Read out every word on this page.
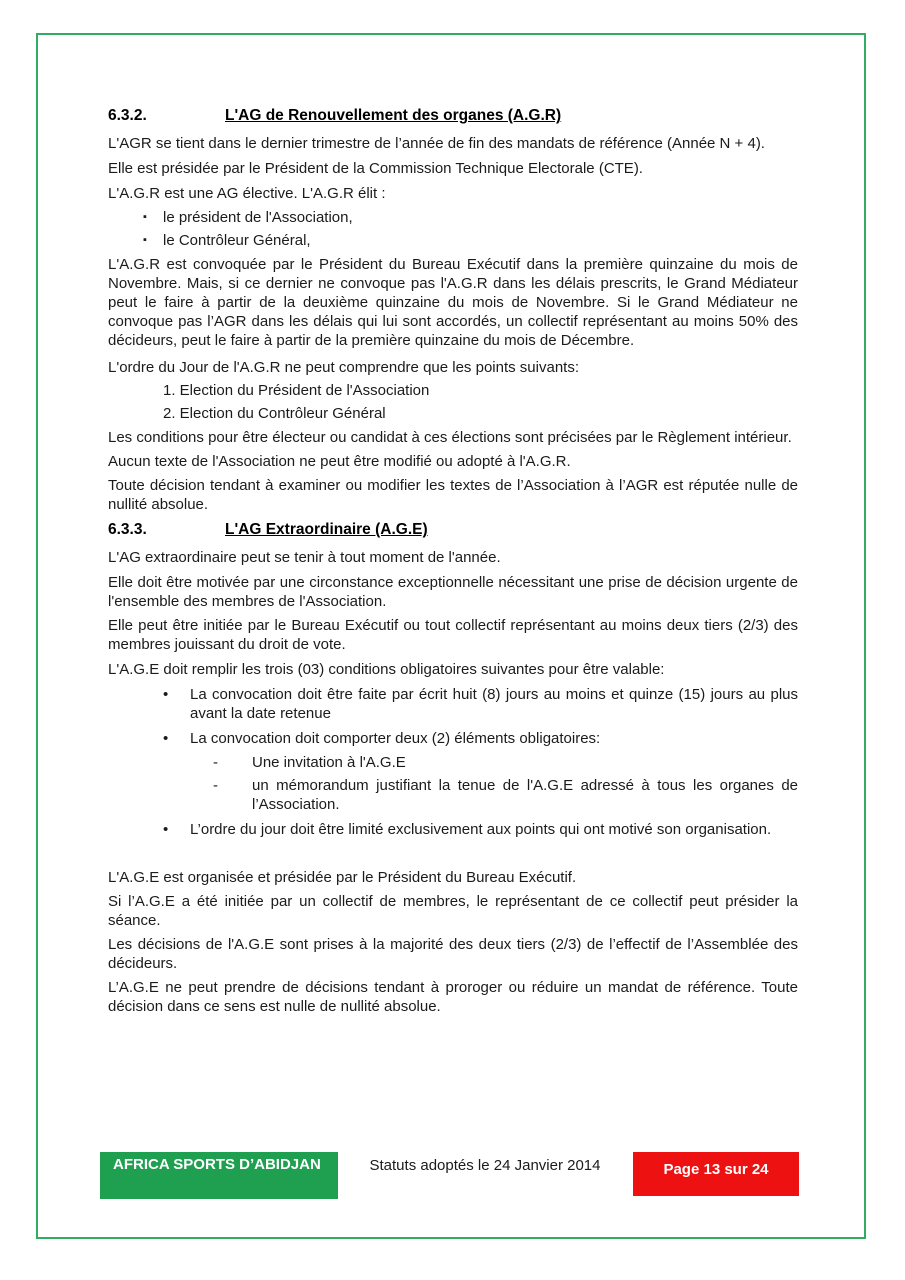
6.3.2.	L'AG de Renouvellement des organes (A.G.R)

L'AGR se tient dans le dernier trimestre de l’année de fin des mandats de référence (Année N + 4).

Elle est présidée par le Président de la Commission Technique Electorale (CTE).

L'A.G.R est une AG élective. L'A.G.R élit :

▪	le président de l'Association,
▪	le Contrôleur Général,

L'A.G.R est convoquée par le Président du Bureau Exécutif dans la première quinzaine du mois de Novembre. Mais, si ce dernier ne convoque pas l'A.G.R dans les délais prescrits, le Grand Médiateur peut le faire à partir de la deuxième quinzaine du mois de Novembre. Si le Grand Médiateur ne convoque pas l’AGR dans les délais qui lui sont accordés, un collectif représentant au moins 50% des décideurs, peut le faire à partir de la première quinzaine du mois de Décembre.

L'ordre du Jour de l'A.G.R ne peut comprendre que les points suivants:

1. Election du Président de l'Association
2. Election du Contrôleur Général

Les conditions pour être électeur ou candidat à ces élections sont précisées par le Règlement intérieur.

Aucun texte de l'Association ne peut être modifié ou adopté à l'A.G.R.

Toute décision tendant à examiner ou modifier les textes de l’Association à l’AGR est réputée nulle de nullité absolue.

6.3.3.	L'AG Extraordinaire (A.G.E)

L'AG extraordinaire peut se tenir à tout moment de l'année.

Elle doit être motivée par une circonstance exceptionnelle nécessitant une prise de décision urgente de l'ensemble des membres de l'Association.

Elle peut être initiée par le Bureau Exécutif ou tout collectif représentant au moins deux tiers (2/3) des membres jouissant du droit de vote.

L'A.G.E doit remplir les trois (03) conditions obligatoires suivantes pour être valable:

•	La convocation doit être faite par écrit huit (8) jours au moins et quinze (15) jours au plus avant la date retenue
•	La convocation doit comporter deux (2) éléments obligatoires:
-	Une invitation à l'A.G.E
-	un mémorandum justifiant la tenue de l'A.G.E adressé à tous les organes de l’Association.
•	L’ordre du jour doit être limité exclusivement aux points qui ont motivé son organisation.

L'A.G.E est organisée et présidée par le Président du Bureau Exécutif.

Si l’A.G.E a été initiée par un collectif de membres, le représentant de ce collectif peut présider la séance.

Les décisions de l'A.G.E sont prises à la majorité des deux tiers (2/3) de l’effectif de l’Assemblée des décideurs.

L’A.G.E ne peut prendre de décisions tendant à proroger ou réduire un mandat de référence. Toute décision dans ce sens est nulle de nullité absolue.

AFRICA SPORTS D’ABIDJAN	Statuts adoptés le 24 Janvier 2014	Page 13 sur 24
